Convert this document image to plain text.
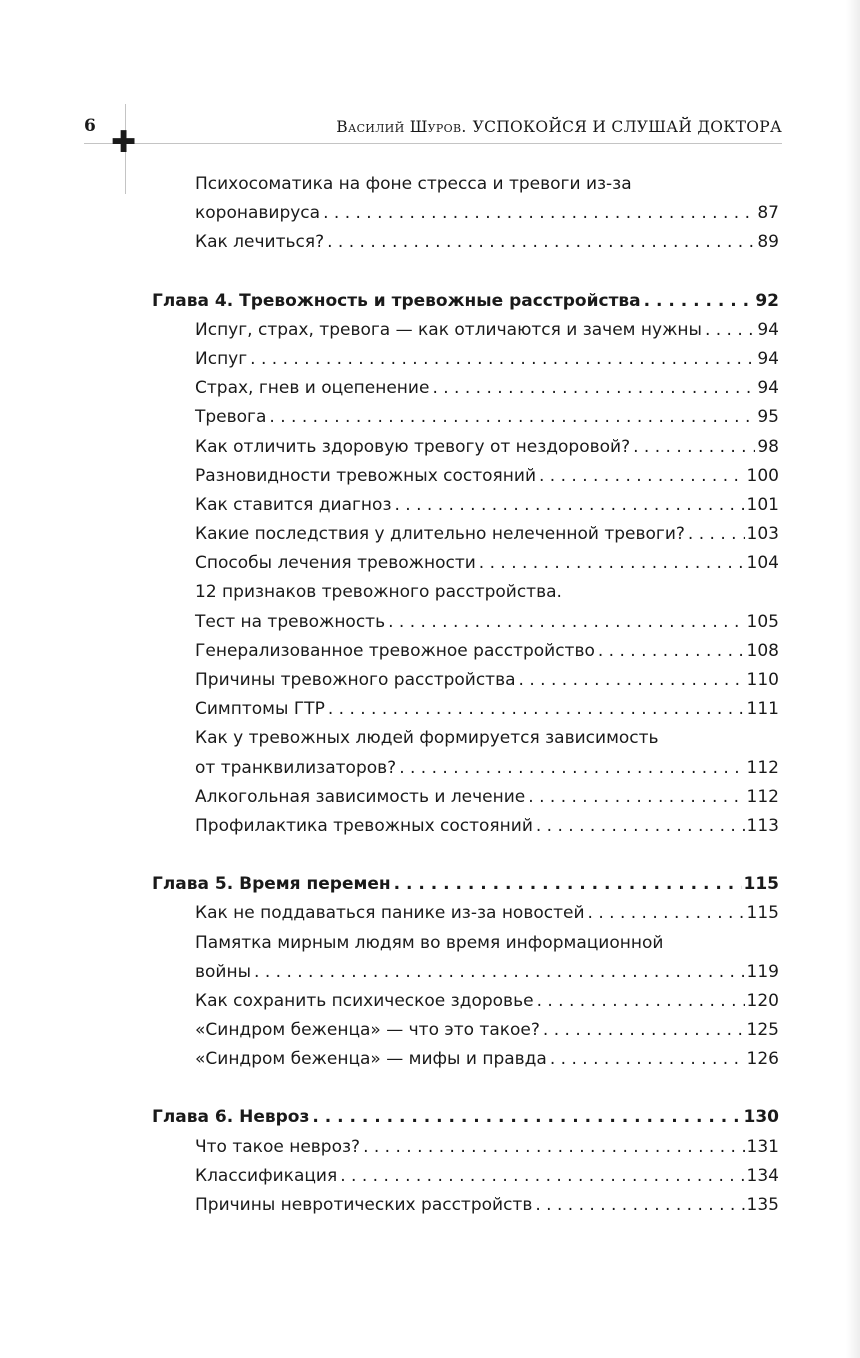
6	Василий Шуров. УСПОКОЙСЯ И СЛУШАЙ ДОКТОРА
✚
Психосоматика на фоне стресса и тревоги из-за
коронавируса . . .	87
Как лечиться? . . .	89
Глава 4. Тревожность и тревожные расстройства . . .	92
Испуг, страх, тревога — как отличаются и зачем нужны . . .	94
Испуг . . .	94
Страх, гнев и оцепенение . . .	94
Тревога . . .	95
Как отличить здоровую тревогу от нездоровой? . . .	98
Разновидности тревожных состояний . . .	100
Как ставится диагноз . . .	101
Какие последствия у длительно нелеченной тревоги? . . .	103
Способы лечения тревожности . . .	104
12 признаков тревожного расстройства.
Тест на тревожность . . .	105
Генерализованное тревожное расстройство . . .	108
Причины тревожного расстройства . . .	110
Симптомы ГТР . . .	111
Как у тревожных людей формируется зависимость
от транквилизаторов? . . .	112
Алкогольная зависимость и лечение . . .	112
Профилактика тревожных состояний . . .	113
Глава 5. Время перемен . . .	115
Как не поддаваться панике из-за новостей . . .	115
Памятка мирным людям во время информационной
войны . . .	119
Как сохранить психическое здоровье . . .	120
«Синдром беженца» — что это такое? . . .	125
«Синдром беженца» — мифы и правда . . .	126
Глава 6. Невроз . . .	130
Что такое невроз? . . .	131
Классификация . . .	134
Причины невротических расстройств . . .	135
